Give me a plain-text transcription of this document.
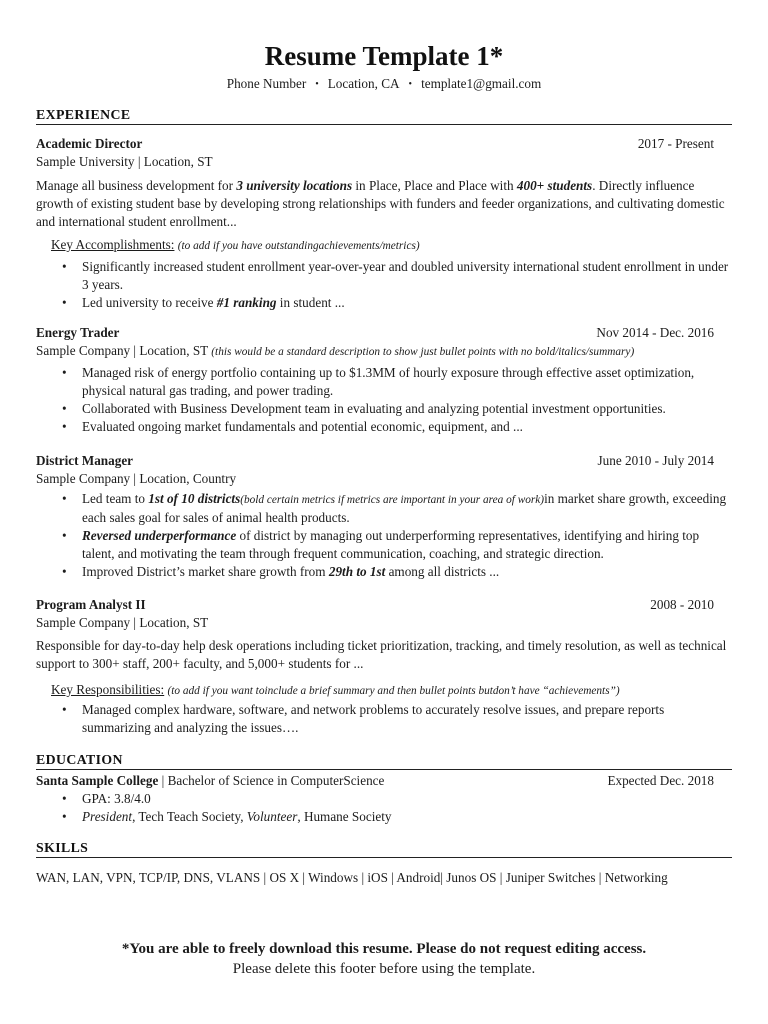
Resume Template 1*
Phone Number • Location, CA • template1@gmail.com
EXPERIENCE
Academic Director	2017 - Present
Sample University | Location, ST

Manage all business development for 3 university locations in Place, Place and Place with 400+ students. Directly influence growth of existing student base by developing strong relationships with funders and feeder organizations, and cultivating domestic and international student enrollment...

Key Accomplishments: (to add if you have outstandingachievements/metrics)
• Significantly increased student enrollment year-over-year and doubled university international student enrollment in under 3 years.
• Led university to receive #1 ranking in student ...
Energy Trader	Nov 2014 - Dec. 2016
Sample Company | Location, ST (this would be a standard description to show just bullet points with no bold/italics/summary)
• Managed risk of energy portfolio containing up to $1.3MM of hourly exposure through effective asset optimization, physical natural gas trading, and power trading.
• Collaborated with Business Development team in evaluating and analyzing potential investment opportunities.
• Evaluated ongoing market fundamentals and potential economic, equipment, and ...
District Manager	June 2010 - July 2014
Sample Company | Location, Country
• Led team to 1st of 10 districts(bold certain metrics if metrics are important in your area of work)in market share growth, exceeding each sales goal for sales of animal health products.
• Reversed underperformance of district by managing out underperforming representatives, identifying and hiring top talent, and motivating the team through frequent communication, coaching, and strategic direction.
• Improved District’s market share growth from 29th to 1st among all districts ...
Program Analyst II	2008 - 2010
Sample Company | Location, ST

Responsible for day-to-day help desk operations including ticket prioritization, tracking, and timely resolution, as well as technical support to 300+ staff, 200+ faculty, and 5,000+ students for ...

Key Responsibilities: (to add if you want toinclude a brief summary and then bullet points butdon’t have “achievements”)
• Managed complex hardware, software, and network problems to accurately resolve issues, and prepare reports summarizing and analyzing the issues….
EDUCATION
Santa Sample College | Bachelor of Science in ComputerScience	Expected Dec. 2018
• GPA: 3.8/4.0
• President, Tech Teach Society, Volunteer, Humane Society
SKILLS
WAN, LAN, VPN, TCP/IP, DNS, VLANS | OS X | Windows | iOS | Android| Junos OS | Juniper Switches | Networking
*You are able to freely download this resume. Please do not request editing access.
Please delete this footer before using the template.
